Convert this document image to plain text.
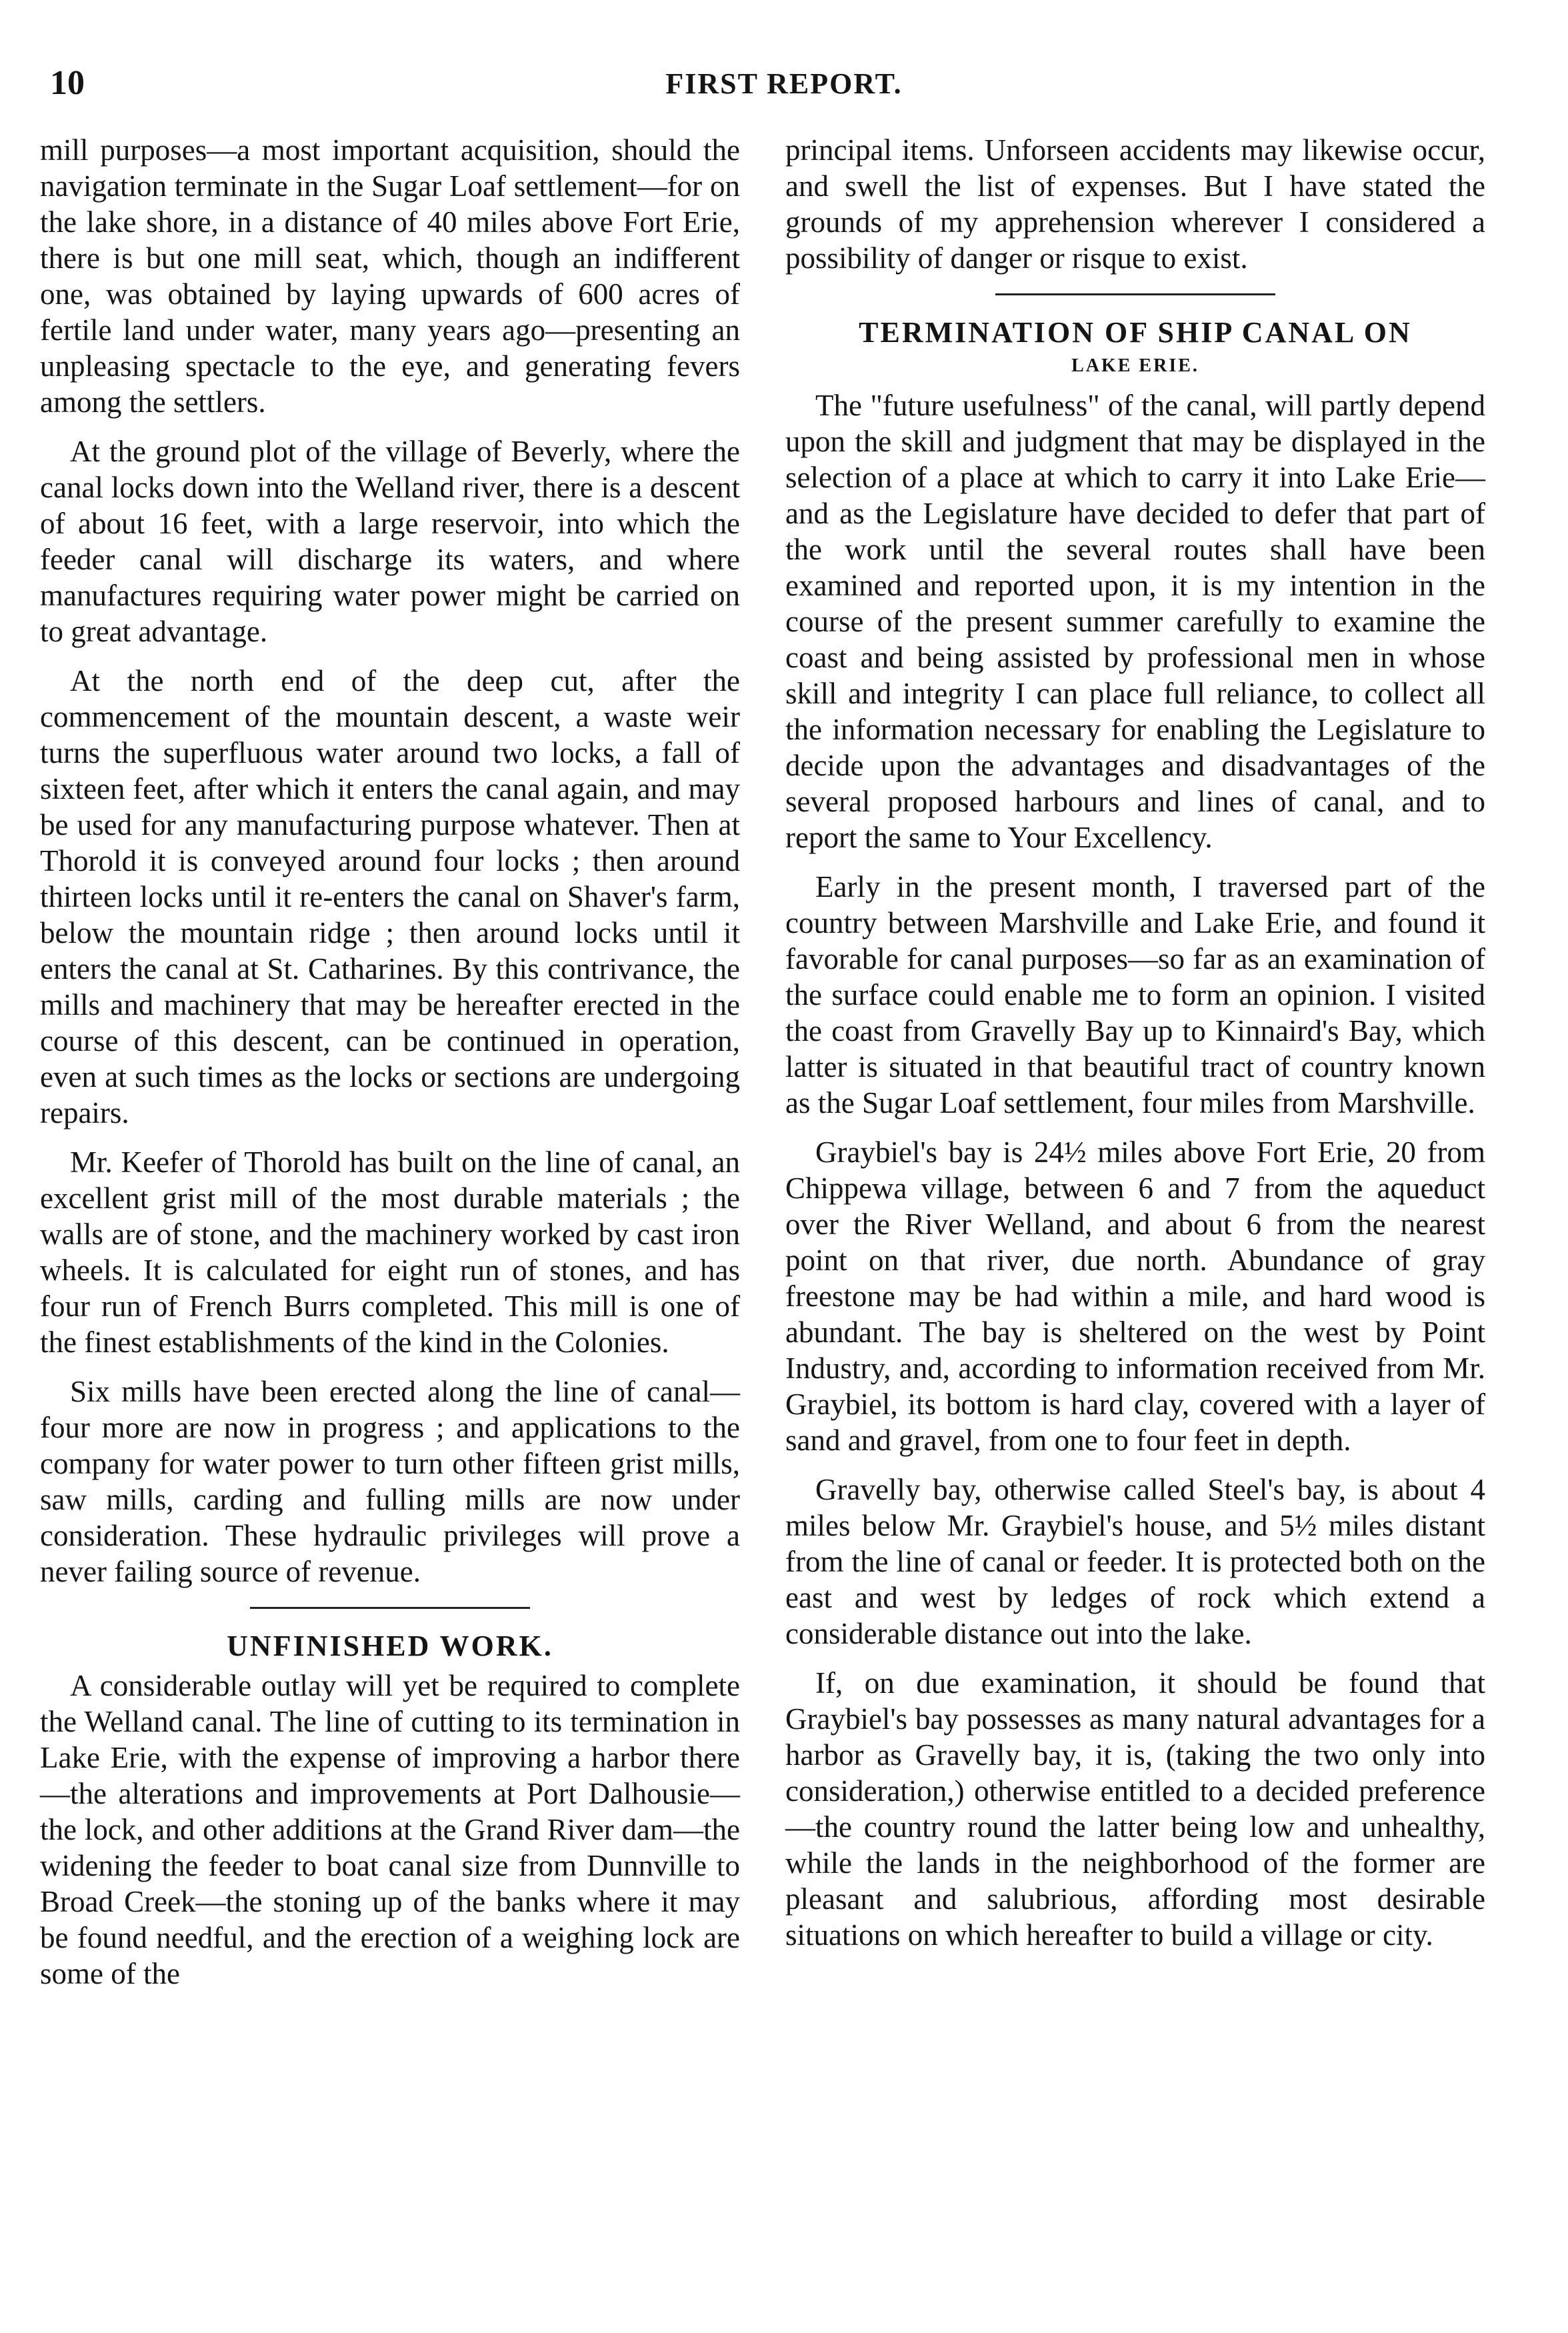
10	FIRST REPORT.

mill purposes—a most important acquisition, should the navigation terminate in the Sugar Loaf settlement—for on the lake shore, in a distance of 40 miles above Fort Erie, there is but one mill seat, which, though an indifferent one, was obtained by laying upwards of 600 acres of fertile land under water, many years ago—presenting an unpleasing spectacle to the eye, and generating fevers among the settlers.

At the ground plot of the village of Beverly, where the canal locks down into the Welland river, there is a descent of about 16 feet, with a large reservoir, into which the feeder canal will discharge its waters, and where manufactures requiring water power might be carried on to great advantage.

At the north end of the deep cut, after the commencement of the mountain descent, a waste weir turns the superfluous water around two locks, a fall of sixteen feet, after which it enters the canal again, and may be used for any manufacturing purpose whatever. Then at Thorold it is conveyed around four locks ; then around thirteen locks until it re-enters the canal on Shaver's farm, below the mountain ridge ; then around locks until it enters the canal at St. Catharines. By this contrivance, the mills and machinery that may be hereafter erected in the course of this descent, can be continued in operation, even at such times as the locks or sections are undergoing repairs.

Mr. Keefer of Thorold has built on the line of canal, an excellent grist mill of the most durable materials ; the walls are of stone, and the machinery worked by cast iron wheels. It is calculated for eight run of stones, and has four run of French Burrs completed. This mill is one of the finest establishments of the kind in the Colonies.

Six mills have been erected along the line of canal—four more are now in progress ; and applications to the company for water power to turn other fifteen grist mills, saw mills, carding and fulling mills are now under consideration. These hydraulic privileges will prove a never failing source of revenue.

UNFINISHED WORK.

A considerable outlay will yet be required to complete the Welland canal. The line of cutting to its termination in Lake Erie, with the expense of improving a harbor there—the alterations and improvements at Port Dalhousie—the lock, and other additions at the Grand River dam—the widening the feeder to boat canal size from Dunnville to Broad Creek—the stoning up of the banks where it may be found needful, and the erection of a weighing lock are some of the

principal items. Unforseen accidents may likewise occur, and swell the list of expenses. But I have stated the grounds of my apprehension wherever I considered a possibility of danger or risque to exist.

TERMINATION OF SHIP CANAL ON
LAKE ERIE.

The "future usefulness" of the canal, will partly depend upon the skill and judgment that may be displayed in the selection of a place at which to carry it into Lake Erie—and as the Legislature have decided to defer that part of the work until the several routes shall have been examined and reported upon, it is my intention in the course of the present summer carefully to examine the coast and being assisted by professional men in whose skill and integrity I can place full reliance, to collect all the information necessary for enabling the Legislature to decide upon the advantages and disadvantages of the several proposed harbours and lines of canal, and to report the same to Your Excellency.

Early in the present month, I traversed part of the country between Marshville and Lake Erie, and found it favorable for canal purposes—so far as an examination of the surface could enable me to form an opinion. I visited the coast from Gravelly Bay up to Kinnaird's Bay, which latter is situated in that beautiful tract of country known as the Sugar Loaf settlement, four miles from Marshville.

Graybiel's bay is 24½ miles above Fort Erie, 20 from Chippewa village, between 6 and 7 from the aqueduct over the River Welland, and about 6 from the nearest point on that river, due north. Abundance of gray freestone may be had within a mile, and hard wood is abundant. The bay is sheltered on the west by Point Industry, and, according to information received from Mr. Graybiel, its bottom is hard clay, covered with a layer of sand and gravel, from one to four feet in depth.

Gravelly bay, otherwise called Steel's bay, is about 4 miles below Mr. Graybiel's house, and 5½ miles distant from the line of canal or feeder. It is protected both on the east and west by ledges of rock which extend a considerable distance out into the lake.

If, on due examination, it should be found that Graybiel's bay possesses as many natural advantages for a harbor as Gravelly bay, it is, (taking the two only into consideration,) otherwise entitled to a decided preference—the country round the latter being low and unhealthy, while the lands in the neighborhood of the former are pleasant and salubrious, affording most desirable situations on which hereafter to build a village or city.
